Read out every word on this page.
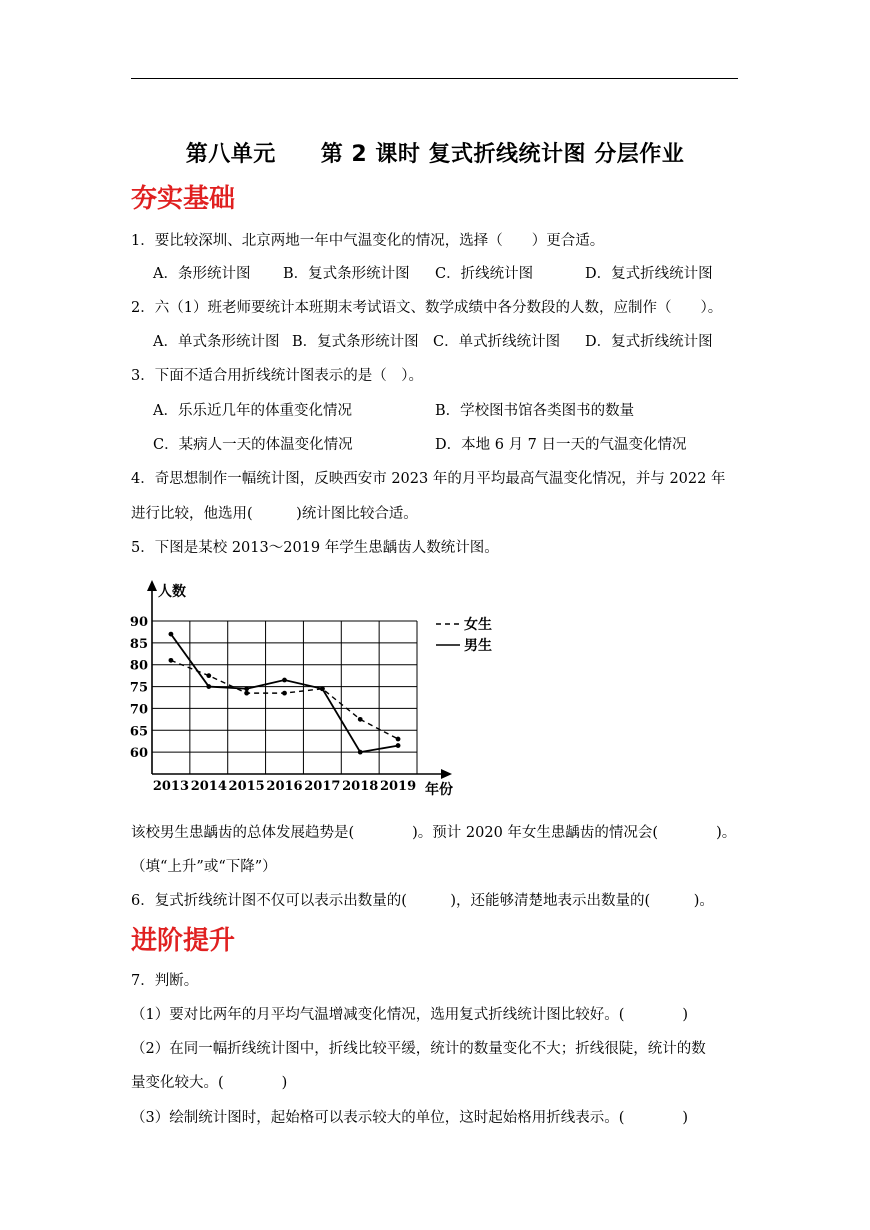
第八单元　　第 2 课时 复式折线统计图 分层作业
夯实基础
1．要比较深圳、北京两地一年中气温变化的情况，选择（　　）更合适。
A．条形统计图 B．复式条形统计图 C．折线统计图	D．复式折线统计图
2．六（1）班老师要统计本班期末考试语文、数学成绩中各分数段的人数，应制作（　　）。
A．单式条形统计图 B．复式条形统计图 C．单式折线统计图 D．复式折线统计图
3．下面不适合用折线统计图表示的是（　）。
A．乐乐近几年的体重变化情况	B．学校图书馆各类图书的数量
C．某病人一天的体温变化情况	D．本地 6 月 7 日一天的气温变化情况
4．奇思想制作一幅统计图，反映西安市 2023 年的月平均最高气温变化情况，并与 2022 年
进行比较，他选用(　　　)统计图比较合适。
5．下图是某校 2013～2019 年学生患龋齿人数统计图。
人数
年份
60
65
70
75
80
85
90
2013 2014 2015 2016 2017 2018 2019
女生
男生
该校男生患龋齿的总体发展趋势是(　　　　)。预计 2020 年女生患龋齿的情况会(　　　　)。
（填“上升”或“下降”）
6．复式折线统计图不仅可以表示出数量的(　　　)，还能够清楚地表示出数量的(　　　)。
进阶提升
7．判断。
（1）要对比两年的月平均气温增减变化情况，选用复式折线统计图比较好。(　　　　)
（2）在同一幅折线统计图中，折线比较平缓，统计的数量变化不大；折线很陡，统计的数
量变化较大。(　　　　)
（3）绘制统计图时，起始格可以表示较大的单位，这时起始格用折线表示。(　　　　)
